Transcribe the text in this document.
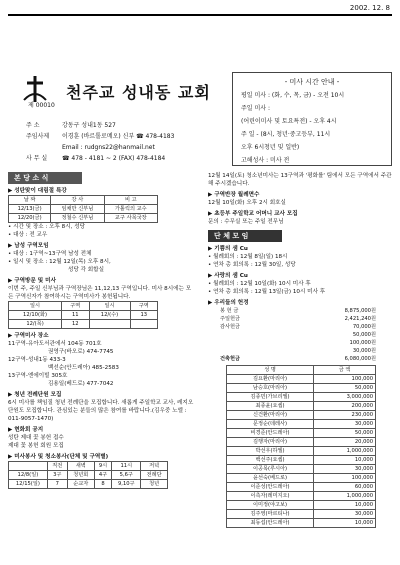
2002. 12. 8
제 00010
천주교 성내동 교회
주 소	강동구 성내1동 527
주임사제	이경훈 (바르톨로메오) 신부 ☎ 478-4183
Email : rudgns22@hanmail.net
사 무 실	☎ 478 - 4181 ~ 2 (FAX) 478-4184
- 미사 시간 안내 -
평일 미사 : (화, 수, 목, 금) - 오전 10시
주일 미사 :
(어린이미사 및 토요특전) - 오후 4시
주 일 - (8시, 청년·중고등부, 11시
오후 6시청년 및 일반)
고해성사 : 미사 전
본 당 소 식
▶ 성탄맞이 대림절 특강
날 짜	강 사	비 고
12/13(금)	임채만 신부님	가톨릭의 교수
12/20(금)	정철수 신부님	교구 사목국장
• 시간 및 장소 : 오후 8시, 성당
• 대상 : 전 교우
▶ 남성 구역모임
• 대상 : 1구역~13구역 남성 전체
• 일시 및 장소 : 12월 12일(목) 오후 8시,
성당 각 회합실
▶ 구역방문 및 미사
이번 주, 주일 신부님과 구역장님은 11,12,13 구역입니다. 미사 8시에는 모든 구역신자가 참여하시는 구역미사가 봉헌됩니다.
일시	구역	일시	구역
12/10(화)	11	12/(수)	13
12/(목)	12		
▶ 구역미사 장소
11구역-유아도서관에서 104동 701호
권영구(바오로) 474-7745
12구역-성내1동 433-3
백선순(안드레아) 485-2583
13구역-엔에이빌 305호
김용일(베드로) 477-7042
▶ 청년 전례단원 모집
6시 미사를 책임질 청년 전례단을 모집합니다. 새롭게 주일학교 교사, 레지오 단원도 모집합니다. 관심있는 분들의 많은 참여를 바랍니다.(김우중 노엘 : 011-9057-1470)
▶ 현화회 공지
성탄 제대 꽃 봉헌 접수
제대 꽃 봉헌 회원 모집
▶ 미사봉사 및 청소봉사(단체 및 구역별)
	직전	새벽	9시	11시	저녁
12/8(일)	3구	청년회	4구	5,6구	전례단
12/15(일)	7	순교자	8	9,10구	청년
12월 14일(토) 청소년미사는 13구역과 '평화를' 팀에서 모든 구역에서 주관해 주시겠습니다.
▶ 구역반장 월례면수
12월 10일(화) 오후 2시 회호실
▶ 초등부 주일학교 어머니 교사 모집
문의 : 수무실 또는 주일 전무님
단 체 모 임
▶ 기쁨의 샘 Cu
• 월례회의 : 12월 8일(일) 18시
• 연차 총 회의록 : 12월 30일, 성당
▶ 사랑의 샘 Cu
• 월례회의 : 12월 10일(화) 10시 미사 후
• 연차 총 회의록 : 12월 13일(금) 10시 미사 후
▶ 우리들의 헌정
봉 헌 금	8,875,000원
주일헌금	2,421,240원
감사헌금	70,000원
	50,000원
	100,000원
	30,000원
건축헌금	6,080,000원
성 명	금 액
김요환(마리아)	100,000
남승호(마리아)	50,000
김종민(가브리엘)	3,000,000
최종윤(요셉)	200,000
신건환(마리아)	230,000
문정순(데레사)	30,000
비경준(안드레아)	50,000
김행자(마리아)	20,000
박선우(하엘)	1,000,000
백선주(요셉)	10,000
이공목(루시아)	30,000
윤선숙(베드로)	100,000
이준성(안드레아)	60,000
이측자(레미지오)	1,000,000
이미정(야고보)	10,000
김주영(마르티나)	30,000
최동섭(안드레아)	10,000
